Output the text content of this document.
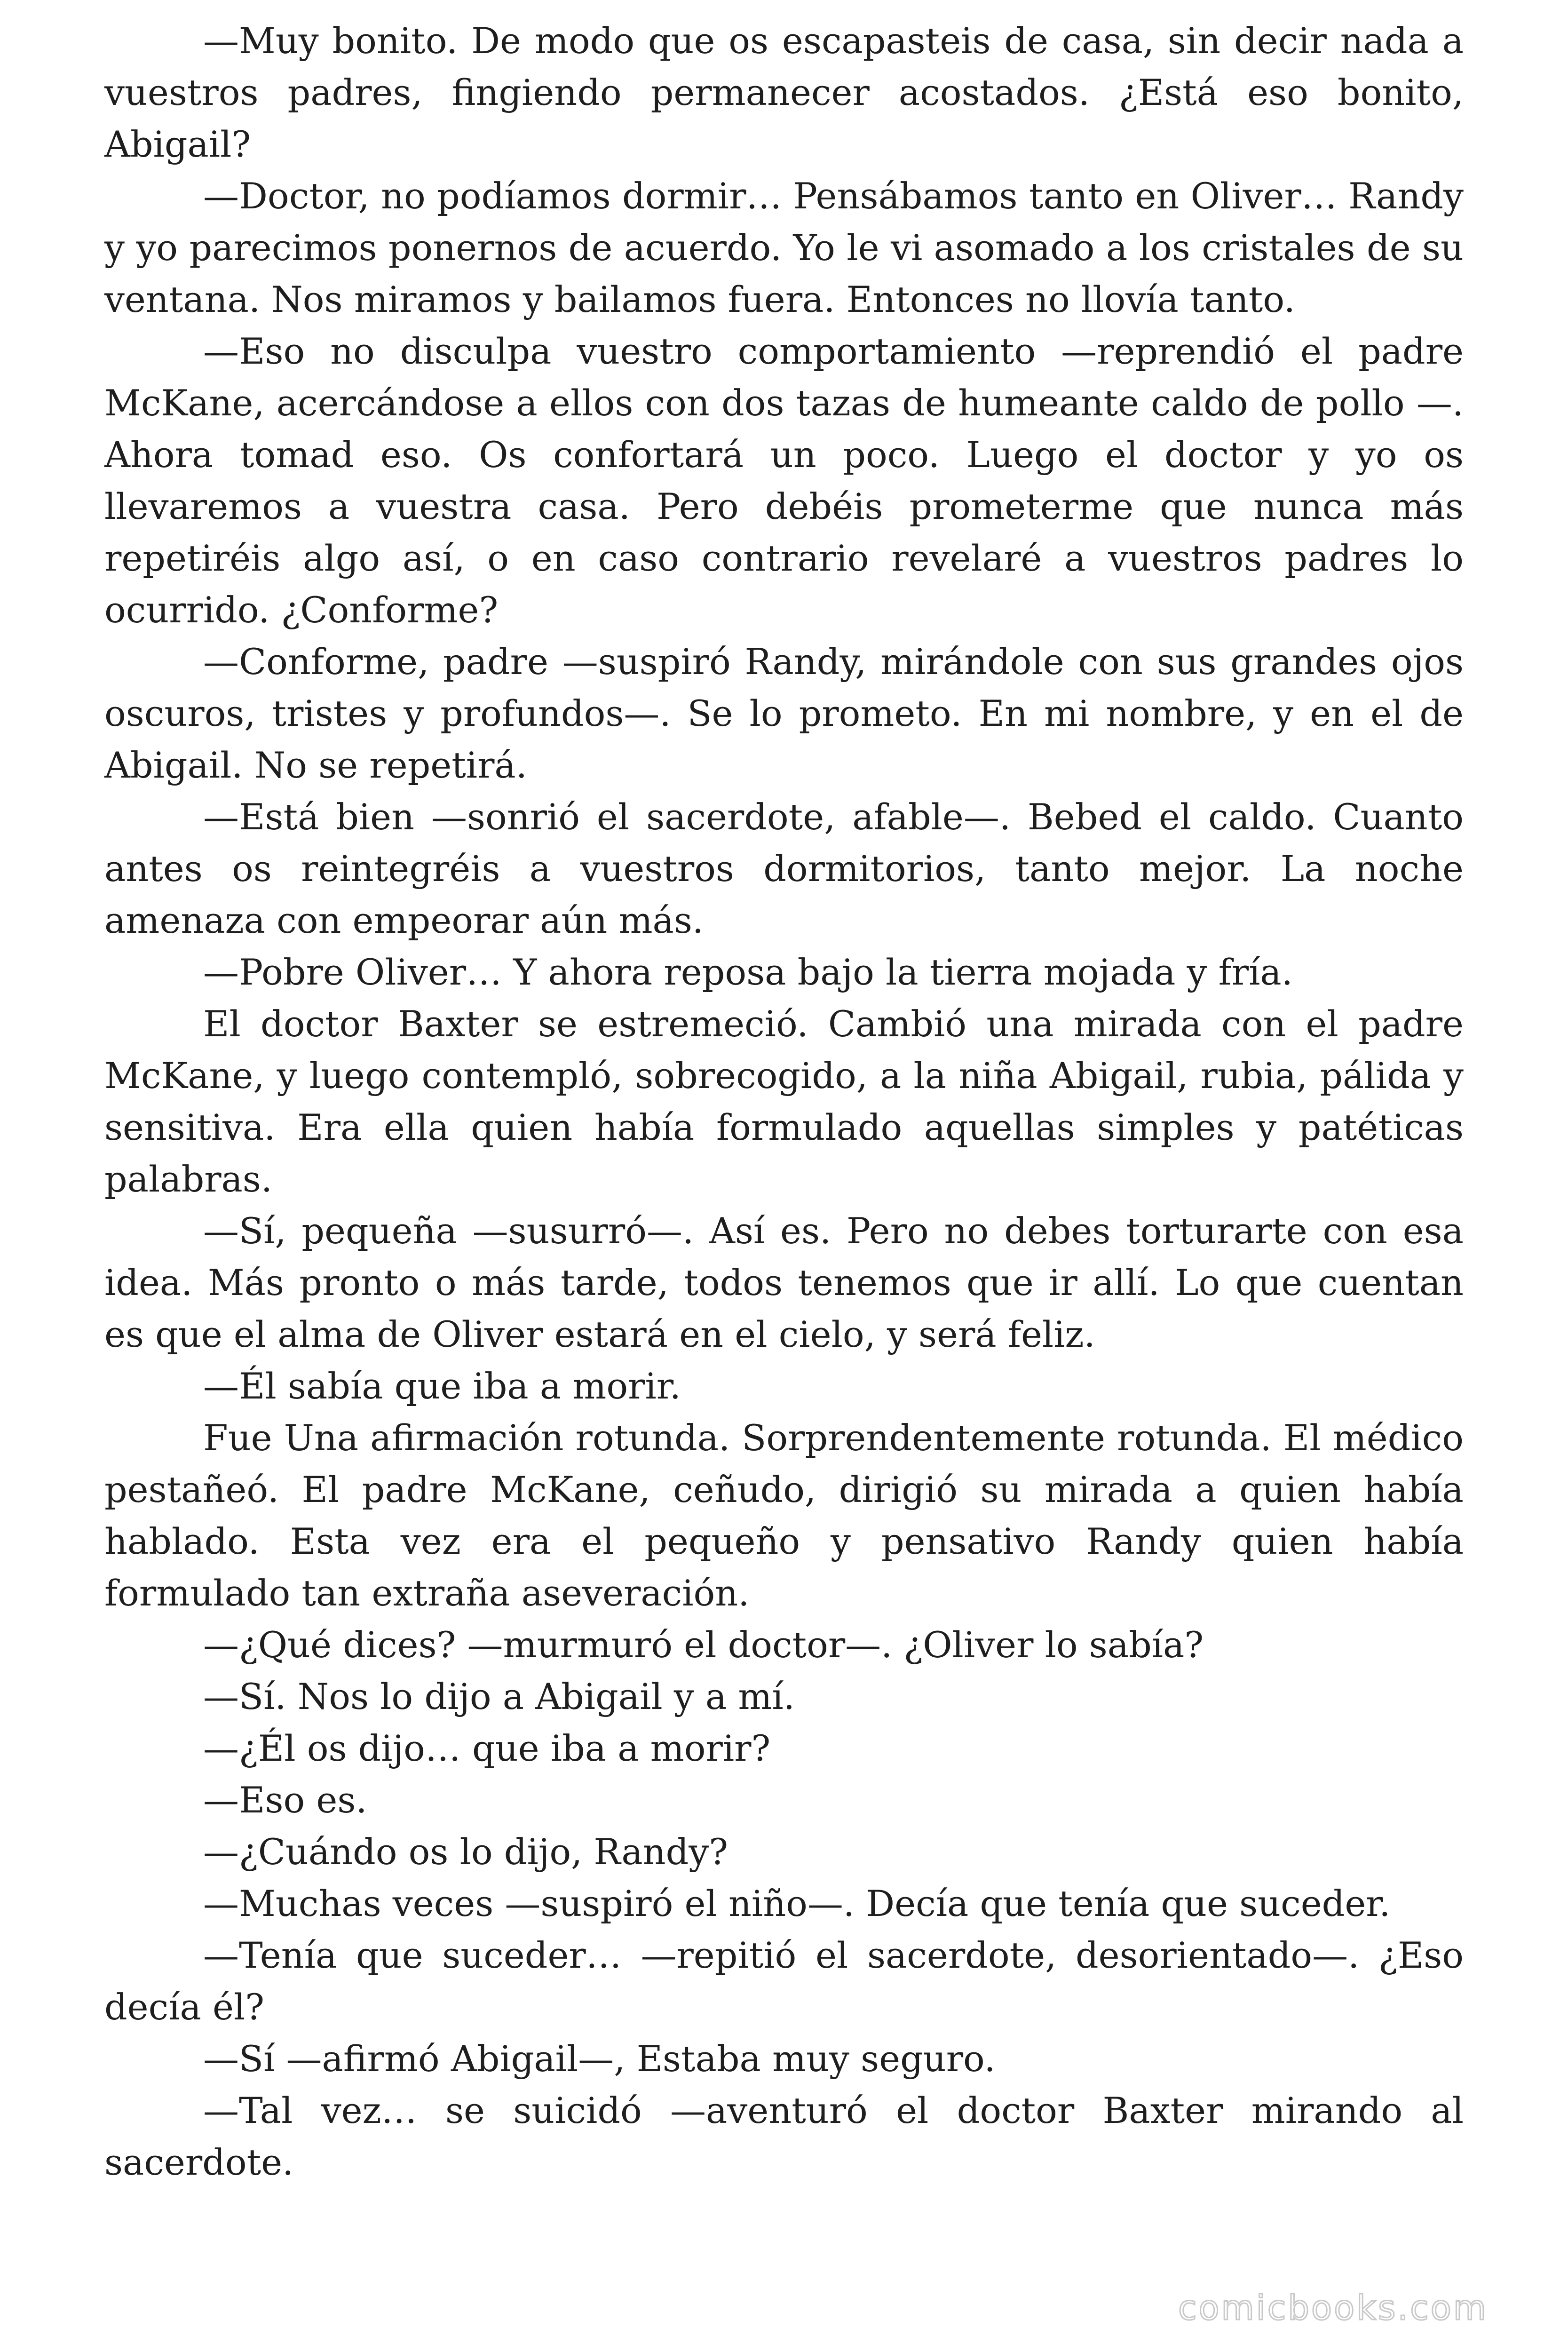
—Muy bonito. De modo que os escapasteis de casa, sin decir nada a vuestros padres, fingiendo permanecer acostados. ¿Está eso bonito, Abigail?

—Doctor, no podíamos dormir… Pensábamos tanto en Oliver… Randy y yo parecimos ponernos de acuerdo. Yo le vi asomado a los cristales de su ventana. Nos miramos y bailamos fuera. Entonces no llovía tanto.

—Eso no disculpa vuestro comportamiento —reprendió el padre McKane, acercándose a ellos con dos tazas de humeante caldo de pollo —. Ahora tomad eso. Os confortará un poco. Luego el doctor y yo os llevaremos a vuestra casa. Pero debéis prometerme que nunca más repetiréis algo así, o en caso contrario revelaré a vuestros padres lo ocurrido. ¿Conforme?

—Conforme, padre —suspiró Randy, mirándole con sus grandes ojos oscuros, tristes y profundos—. Se lo prometo. En mi nombre, y en el de Abigail. No se repetirá.

—Está bien —sonrió el sacerdote, afable—. Bebed el caldo. Cuanto antes os reintegréis a vuestros dormitorios, tanto mejor. La noche amenaza con empeorar aún más.

—Pobre Oliver… Y ahora reposa bajo la tierra mojada y fría.

El doctor Baxter se estremeció. Cambió una mirada con el padre McKane, y luego contempló, sobrecogido, a la niña Abigail, rubia, pálida y sensitiva. Era ella quien había formulado aquellas simples y patéticas palabras.

—Sí, pequeña —susurró—. Así es. Pero no debes torturarte con esa idea. Más pronto o más tarde, todos tenemos que ir allí. Lo que cuentan es que el alma de Oliver estará en el cielo, y será feliz.

—Él sabía que iba a morir.

Fue Una afirmación rotunda. Sorprendentemente rotunda. El médico pestañeó. El padre McKane, ceñudo, dirigió su mirada a quien había hablado. Esta vez era el pequeño y pensativo Randy quien había formulado tan extraña aseveración.

—¿Qué dices? —murmuró el doctor—. ¿Oliver lo sabía?

—Sí. Nos lo dijo a Abigail y a mí.

—¿Él os dijo… que iba a morir?

—Eso es.

—¿Cuándo os lo dijo, Randy?

—Muchas veces —suspiró el niño—. Decía que tenía que suceder.

—Tenía que suceder… —repitió el sacerdote, desorientado—. ¿Eso decía él?

—Sí —afirmó Abigail—, Estaba muy seguro.

—Tal vez… se suicidó —aventuró el doctor Baxter mirando al sacerdote.

comicbooks.com
